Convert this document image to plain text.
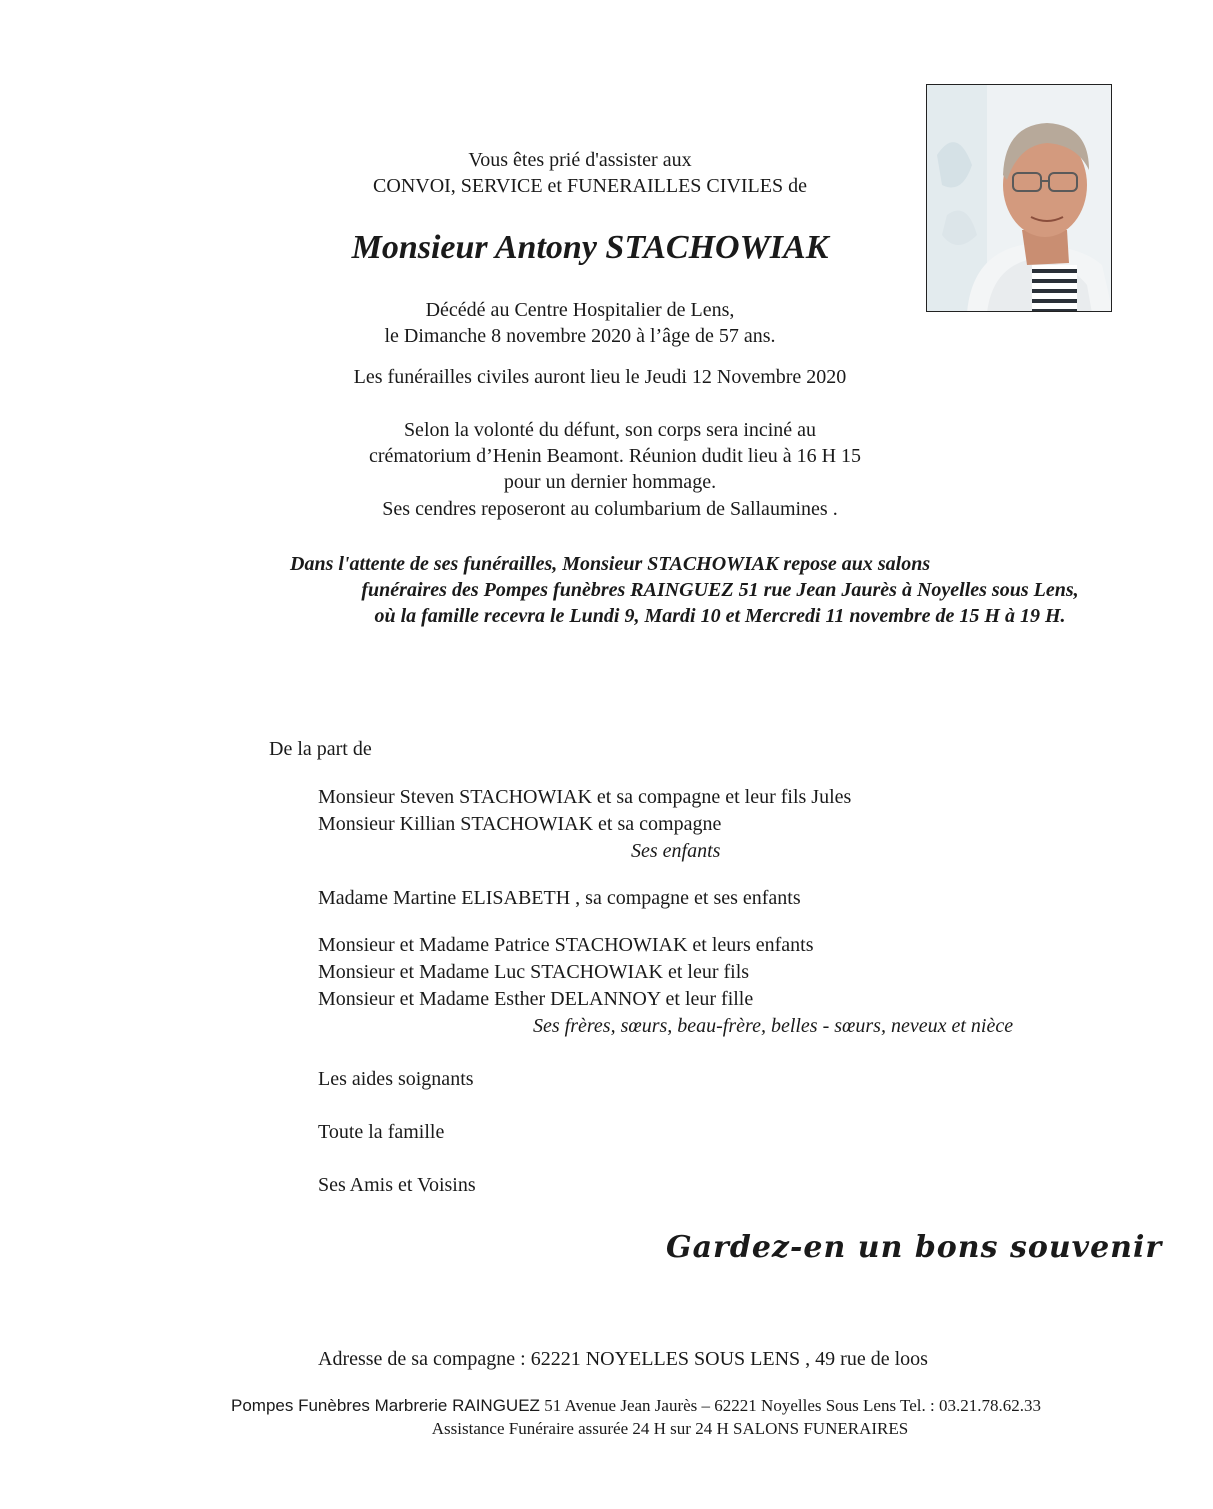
Vous êtes prié d'assister aux
CONVOI, SERVICE et FUNERAILLES CIVILES de
Monsieur Antony STACHOWIAK
Décédé au Centre Hospitalier de Lens,
le Dimanche 8 novembre 2020 à l’âge de 57 ans.
Les funérailles civiles auront lieu le Jeudi 12 Novembre 2020
Selon la volonté du défunt, son corps sera inciné au
crématorium d’Henin Beamont. Réunion dudit lieu à 16 H 15
pour un dernier hommage.
Ses cendres reposeront au columbarium de Sallaumines .
Dans l'attente de ses funérailles, Monsieur STACHOWIAK repose aux salons
funéraires des Pompes funèbres RAINGUEZ 51 rue Jean Jaurès à Noyelles sous Lens,
où la famille recevra le Lundi 9, Mardi 10 et Mercredi 11 novembre de 15 H à 19 H.
De la part de
Monsieur Steven STACHOWIAK et sa compagne et leur fils Jules
Monsieur Killian STACHOWIAK et sa compagne
Ses enfants
Madame Martine ELISABETH , sa compagne et ses enfants
Monsieur et Madame Patrice STACHOWIAK et leurs enfants
Monsieur et Madame Luc STACHOWIAK et leur fils
Monsieur et Madame Esther DELANNOY et leur fille
Ses frères, sœurs, beau-frère, belles - sœurs, neveux et nièce
Les aides soignants
Toute la famille
Ses Amis et Voisins
Gardez-en un bons souvenir
Adresse de sa compagne : 62221 NOYELLES SOUS LENS , 49 rue de loos
Pompes Funèbres Marbrerie RAINGUEZ 51 Avenue Jean Jaurès – 62221 Noyelles Sous Lens Tel. : 03.21.78.62.33
Assistance Funéraire assurée 24 H sur 24 H SALONS FUNERAIRES
